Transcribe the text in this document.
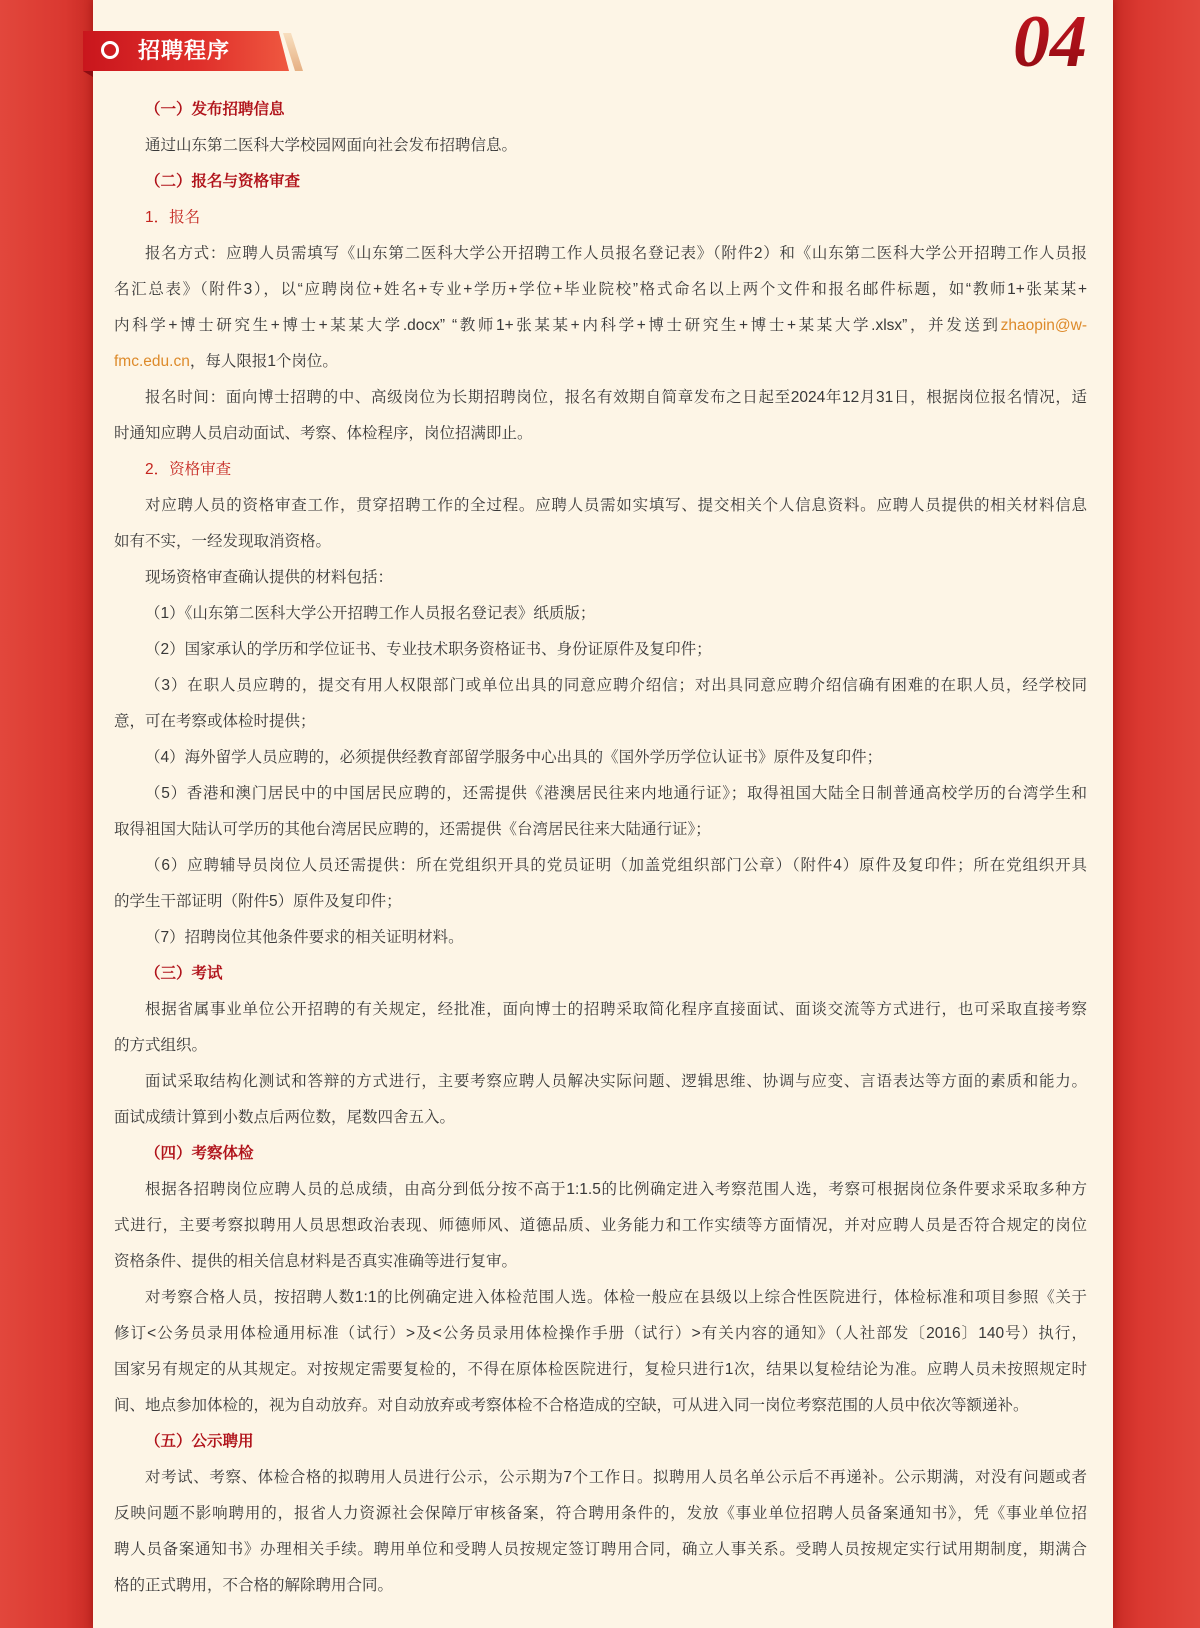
招聘程序	04
（一）发布招聘信息
通过山东第二医科大学校园网面向社会发布招聘信息。
（二）报名与资格审查
1．报名
报名方式：应聘人员需填写《山东第二医科大学公开招聘工作人员报名登记表》（附件2）和《山东第二医科大学公开招聘工作人员报
名汇总表》（附件3），以“应聘岗位+姓名+专业+学历+学位+毕业院校”格式命名以上两个文件和报名邮件标题，如“教师1+张某某+
内科学+博士研究生+博士+某某大学.docx” “教师1+张某某+内科学+博士研究生+博士+某某大学.xlsx”，并发送到zhaopin@w-
fmc.edu.cn，每人限报1个岗位。
报名时间：面向博士招聘的中、高级岗位为长期招聘岗位，报名有效期自简章发布之日起至2024年12月31日，根据岗位报名情况，适
时通知应聘人员启动面试、考察、体检程序，岗位招满即止。
2．资格审查
对应聘人员的资格审查工作，贯穿招聘工作的全过程。应聘人员需如实填写、提交相关个人信息资料。应聘人员提供的相关材料信息
如有不实，一经发现取消资格。
现场资格审查确认提供的材料包括：
（1）《山东第二医科大学公开招聘工作人员报名登记表》纸质版；
（2）国家承认的学历和学位证书、专业技术职务资格证书、身份证原件及复印件；
（3）在职人员应聘的，提交有用人权限部门或单位出具的同意应聘介绍信；对出具同意应聘介绍信确有困难的在职人员，经学校同
意，可在考察或体检时提供；
（4）海外留学人员应聘的，必须提供经教育部留学服务中心出具的《国外学历学位认证书》原件及复印件；
（5）香港和澳门居民中的中国居民应聘的，还需提供《港澳居民往来内地通行证》；取得祖国大陆全日制普通高校学历的台湾学生和
取得祖国大陆认可学历的其他台湾居民应聘的，还需提供《台湾居民往来大陆通行证》；
（6）应聘辅导员岗位人员还需提供：所在党组织开具的党员证明（加盖党组织部门公章）（附件4）原件及复印件；所在党组织开具
的学生干部证明（附件5）原件及复印件；
（7）招聘岗位其他条件要求的相关证明材料。
（三）考试
根据省属事业单位公开招聘的有关规定，经批准，面向博士的招聘采取简化程序直接面试、面谈交流等方式进行，也可采取直接考察
的方式组织。
面试采取结构化测试和答辩的方式进行，主要考察应聘人员解决实际问题、逻辑思维、协调与应变、言语表达等方面的素质和能力。
面试成绩计算到小数点后两位数，尾数四舍五入。
（四）考察体检
根据各招聘岗位应聘人员的总成绩，由高分到低分按不高于1:1.5的比例确定进入考察范围人选，考察可根据岗位条件要求采取多种方
式进行，主要考察拟聘用人员思想政治表现、师德师风、道德品质、业务能力和工作实绩等方面情况，并对应聘人员是否符合规定的岗位
资格条件、提供的相关信息材料是否真实准确等进行复审。
对考察合格人员，按招聘人数1:1的比例确定进入体检范围人选。体检一般应在县级以上综合性医院进行，体检标准和项目参照《关于
修订<公务员录用体检通用标准（试行）>及<公务员录用体检操作手册（试行）>有关内容的通知》（人社部发〔2016〕140号）执行，
国家另有规定的从其规定。对按规定需要复检的，不得在原体检医院进行，复检只进行1次，结果以复检结论为准。应聘人员未按照规定时
间、地点参加体检的，视为自动放弃。对自动放弃或考察体检不合格造成的空缺，可从进入同一岗位考察范围的人员中依次等额递补。
（五）公示聘用
对考试、考察、体检合格的拟聘用人员进行公示，公示期为7个工作日。拟聘用人员名单公示后不再递补。公示期满，对没有问题或者
反映问题不影响聘用的，报省人力资源社会保障厅审核备案，符合聘用条件的，发放《事业单位招聘人员备案通知书》，凭《事业单位招
聘人员备案通知书》办理相关手续。聘用单位和受聘人员按规定签订聘用合同，确立人事关系。受聘人员按规定实行试用期制度，期满合
格的正式聘用，不合格的解除聘用合同。
